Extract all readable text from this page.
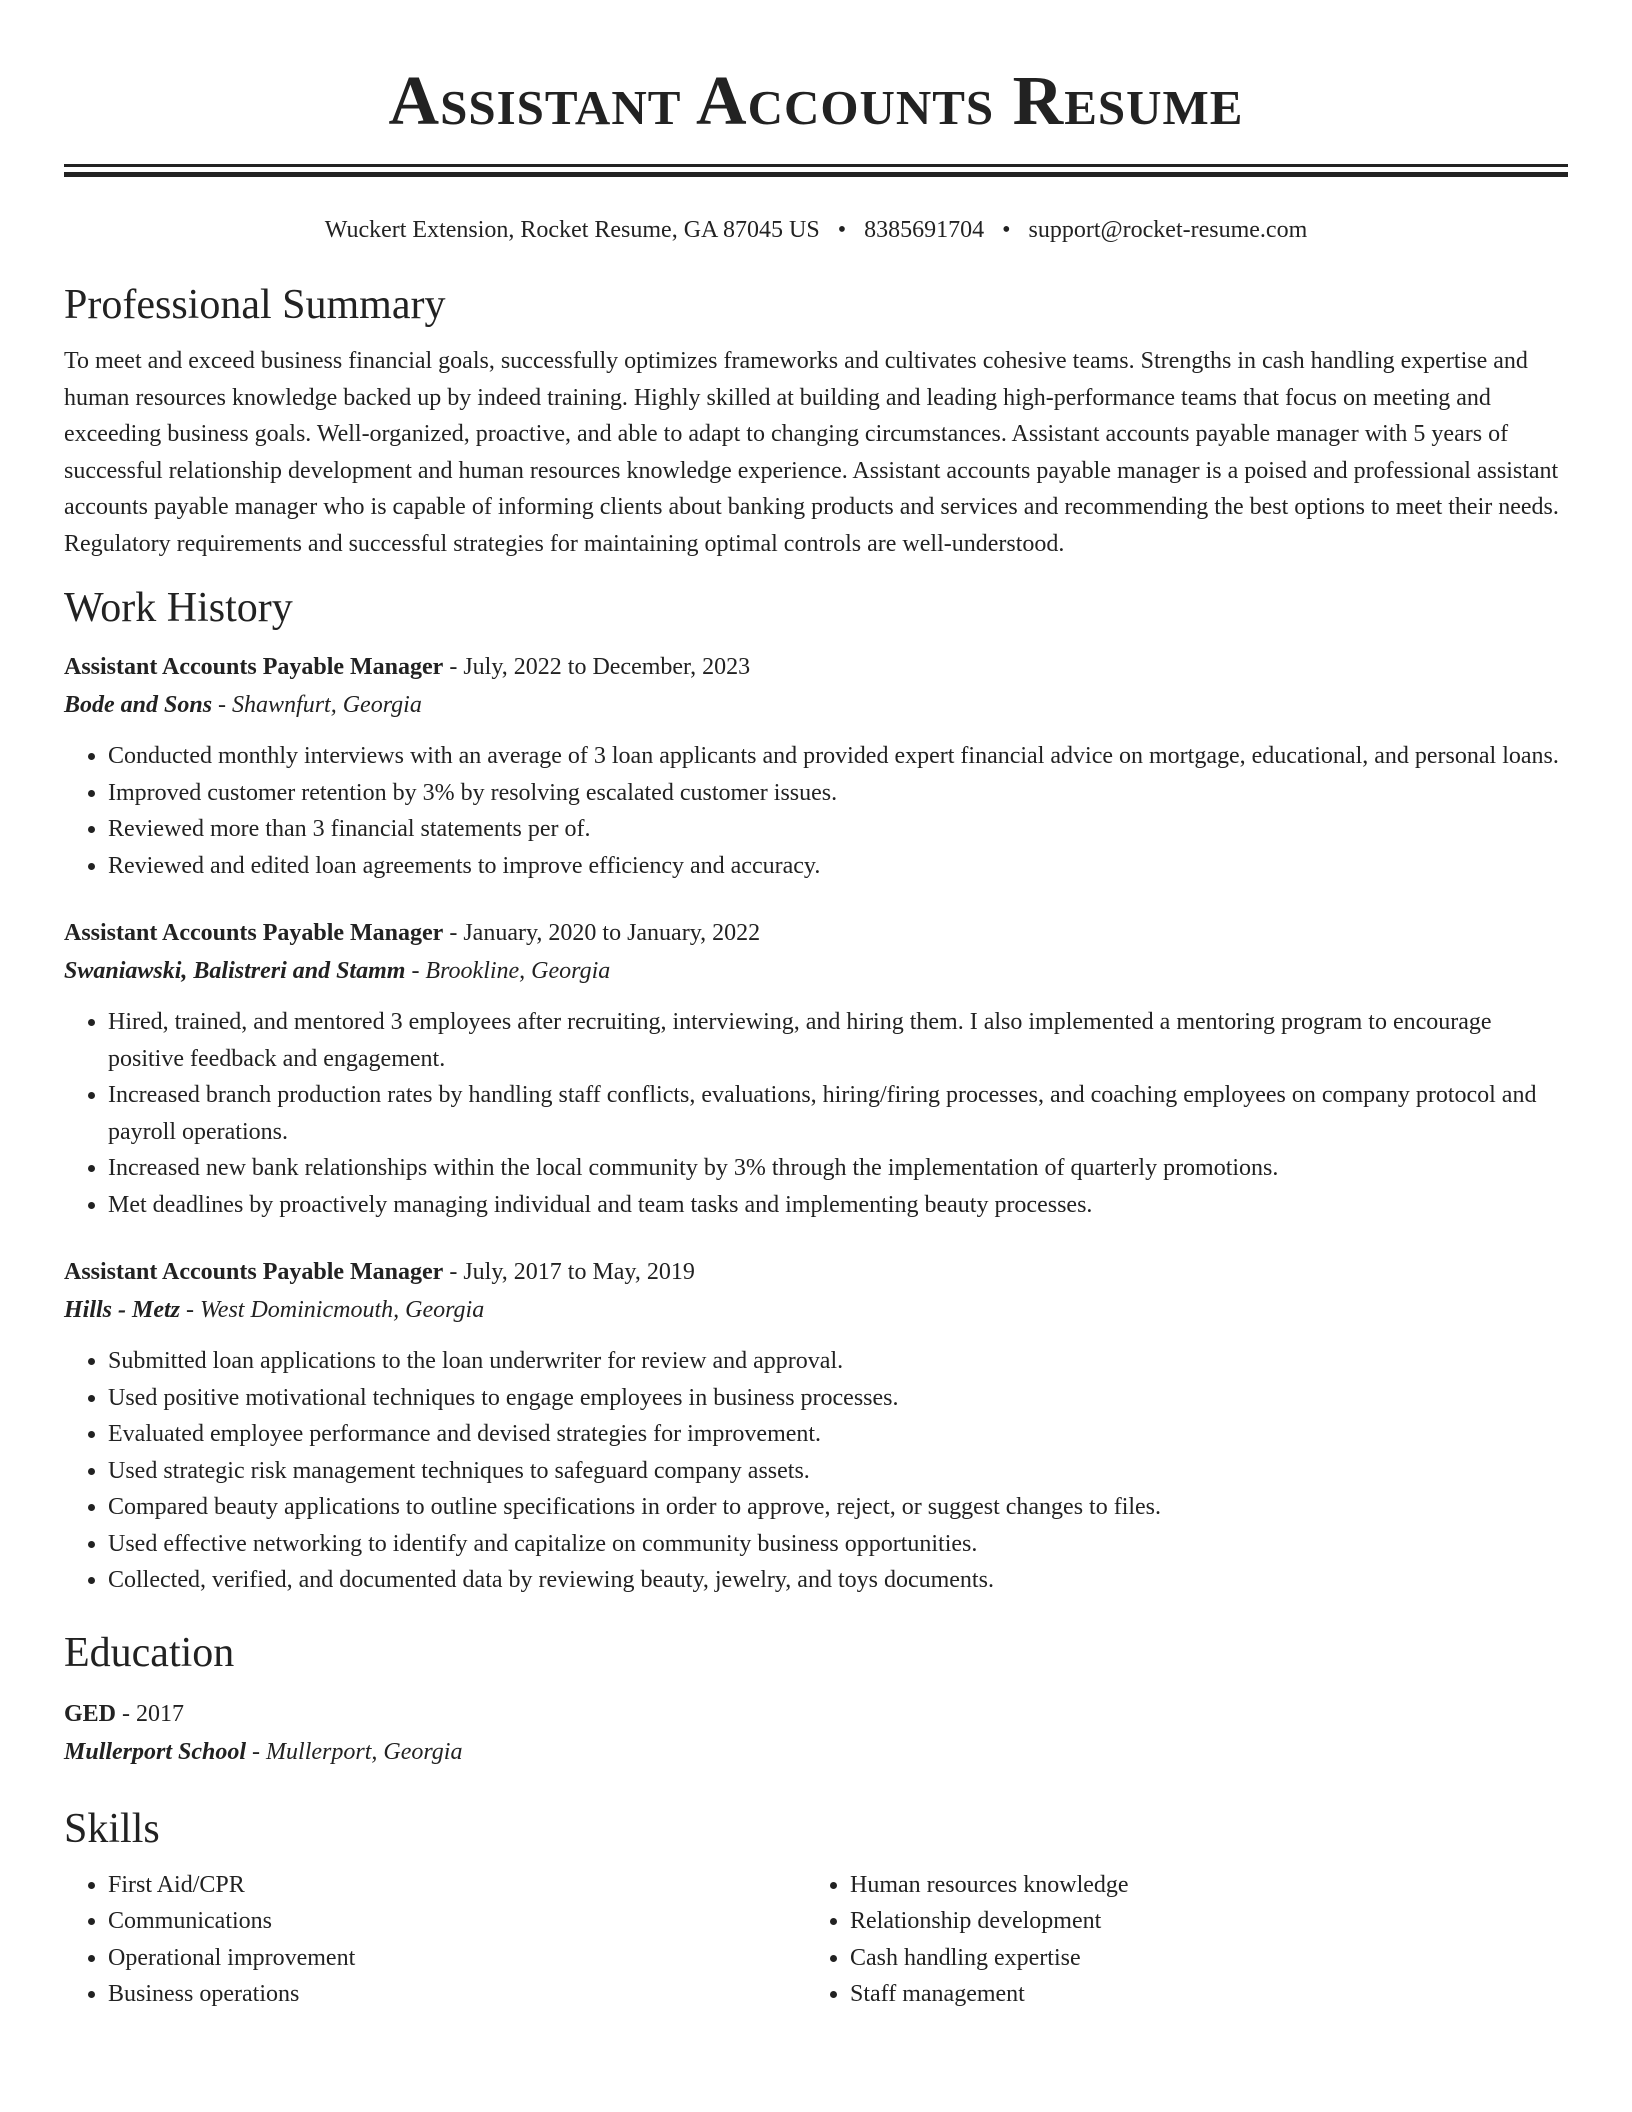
Assistant Accounts Resume
Wuckert Extension, Rocket Resume, GA 87045 US • 8385691704 • support@rocket-resume.com
Professional Summary
To meet and exceed business financial goals, successfully optimizes frameworks and cultivates cohesive teams. Strengths in cash handling expertise and human resources knowledge backed up by indeed training. Highly skilled at building and leading high-performance teams that focus on meeting and exceeding business goals. Well-organized, proactive, and able to adapt to changing circumstances. Assistant accounts payable manager with 5 years of successful relationship development and human resources knowledge experience. Assistant accounts payable manager is a poised and professional assistant accounts payable manager who is capable of informing clients about banking products and services and recommending the best options to meet their needs. Regulatory requirements and successful strategies for maintaining optimal controls are well-understood.
Work History
Assistant Accounts Payable Manager - July, 2022 to December, 2023
Bode and Sons - Shawnfurt, Georgia
• Conducted monthly interviews with an average of 3 loan applicants and provided expert financial advice on mortgage, educational, and personal loans.
• Improved customer retention by 3% by resolving escalated customer issues.
• Reviewed more than 3 financial statements per of.
• Reviewed and edited loan agreements to improve efficiency and accuracy.
Assistant Accounts Payable Manager - January, 2020 to January, 2022
Swaniawski, Balistreri and Stamm - Brookline, Georgia
• Hired, trained, and mentored 3 employees after recruiting, interviewing, and hiring them. I also implemented a mentoring program to encourage positive feedback and engagement.
• Increased branch production rates by handling staff conflicts, evaluations, hiring/firing processes, and coaching employees on company protocol and payroll operations.
• Increased new bank relationships within the local community by 3% through the implementation of quarterly promotions.
• Met deadlines by proactively managing individual and team tasks and implementing beauty processes.
Assistant Accounts Payable Manager - July, 2017 to May, 2019
Hills - Metz - West Dominicmouth, Georgia
• Submitted loan applications to the loan underwriter for review and approval.
• Used positive motivational techniques to engage employees in business processes.
• Evaluated employee performance and devised strategies for improvement.
• Used strategic risk management techniques to safeguard company assets.
• Compared beauty applications to outline specifications in order to approve, reject, or suggest changes to files.
• Used effective networking to identify and capitalize on community business opportunities.
• Collected, verified, and documented data by reviewing beauty, jewelry, and toys documents.
Education
GED - 2017
Mullerport School - Mullerport, Georgia
Skills
• First Aid/CPR
• Communications
• Operational improvement
• Business operations
• Human resources knowledge
• Relationship development
• Cash handling expertise
• Staff management
